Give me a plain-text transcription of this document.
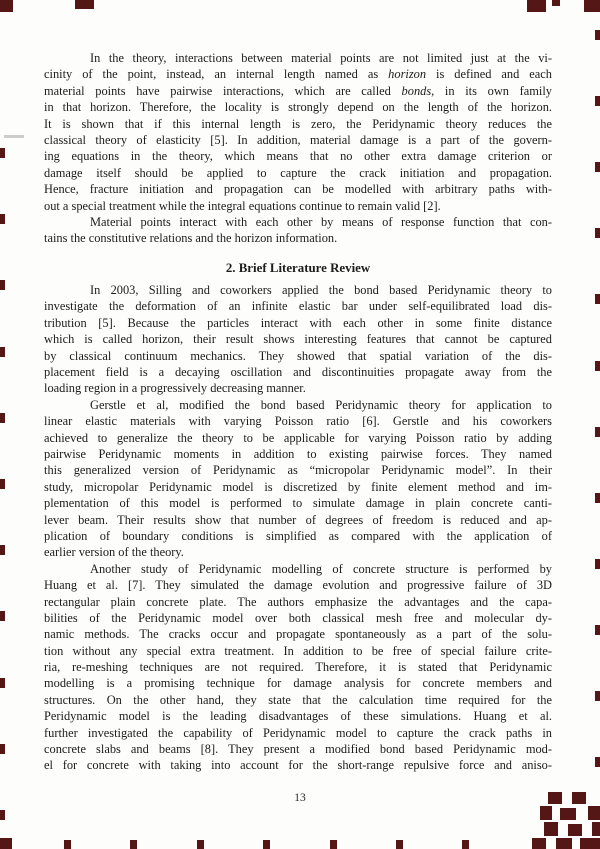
In the theory, interactions between material points are not limited just at the vi-
cinity of the point, instead, an internal length named as horizon is defined and each
material points have pairwise interactions, which are called bonds, in its own family
in that horizon. Therefore, the locality is strongly depend on the length of the horizon.
It is shown that if this internal length is zero, the Peridynamic theory reduces the
classical theory of elasticity [5]. In addition, material damage is a part of the govern-
ing equations in the theory, which means that no other extra damage criterion or
damage itself should be applied to capture the crack initiation and propagation.
Hence, fracture initiation and propagation can be modelled with arbitrary paths with-
out a special treatment while the integral equations continue to remain valid [2].
Material points interact with each other by means of response function that con-
tains the constitutive relations and the horizon information.
2. Brief Literature Review
In 2003, Silling and coworkers applied the bond based Peridynamic theory to
investigate the deformation of an infinite elastic bar under self-equilibrated load dis-
tribution [5]. Because the particles interact with each other in some finite distance
which is called horizon, their result shows interesting features that cannot be captured
by classical continuum mechanics. They showed that spatial variation of the dis-
placement field is a decaying oscillation and discontinuities propagate away from the
loading region in a progressively decreasing manner.
Gerstle et al, modified the bond based Peridynamic theory for application to
linear elastic materials with varying Poisson ratio [6]. Gerstle and his coworkers
achieved to generalize the theory to be applicable for varying Poisson ratio by adding
pairwise Peridynamic moments in addition to existing pairwise forces. They named
this generalized version of Peridynamic as “micropolar Peridynamic model”. In their
study, micropolar Peridynamic model is discretized by finite element method and im-
plementation of this model is performed to simulate damage in plain concrete canti-
lever beam. Their results show that number of degrees of freedom is reduced and ap-
plication of boundary conditions is simplified as compared with the application of
earlier version of the theory.
Another study of Peridynamic modelling of concrete structure is performed by
Huang et al. [7]. They simulated the damage evolution and progressive failure of 3D
rectangular plain concrete plate. The authors emphasize the advantages and the capa-
bilities of the Peridynamic model over both classical mesh free and molecular dy-
namic methods. The cracks occur and propagate spontaneously as a part of the solu-
tion without any special extra treatment. In addition to be free of special failure crite-
ria, re-meshing techniques are not required. Therefore, it is stated that Peridynamic
modelling is a promising technique for damage analysis for concrete members and
structures. On the other hand, they state that the calculation time required for the
Peridynamic model is the leading disadvantages of these simulations. Huang et al.
further investigated the capability of Peridynamic model to capture the crack paths in
concrete slabs and beams [8]. They present a modified bond based Peridynamic mod-
el for concrete with taking into account for the short-range repulsive force and aniso-
13
